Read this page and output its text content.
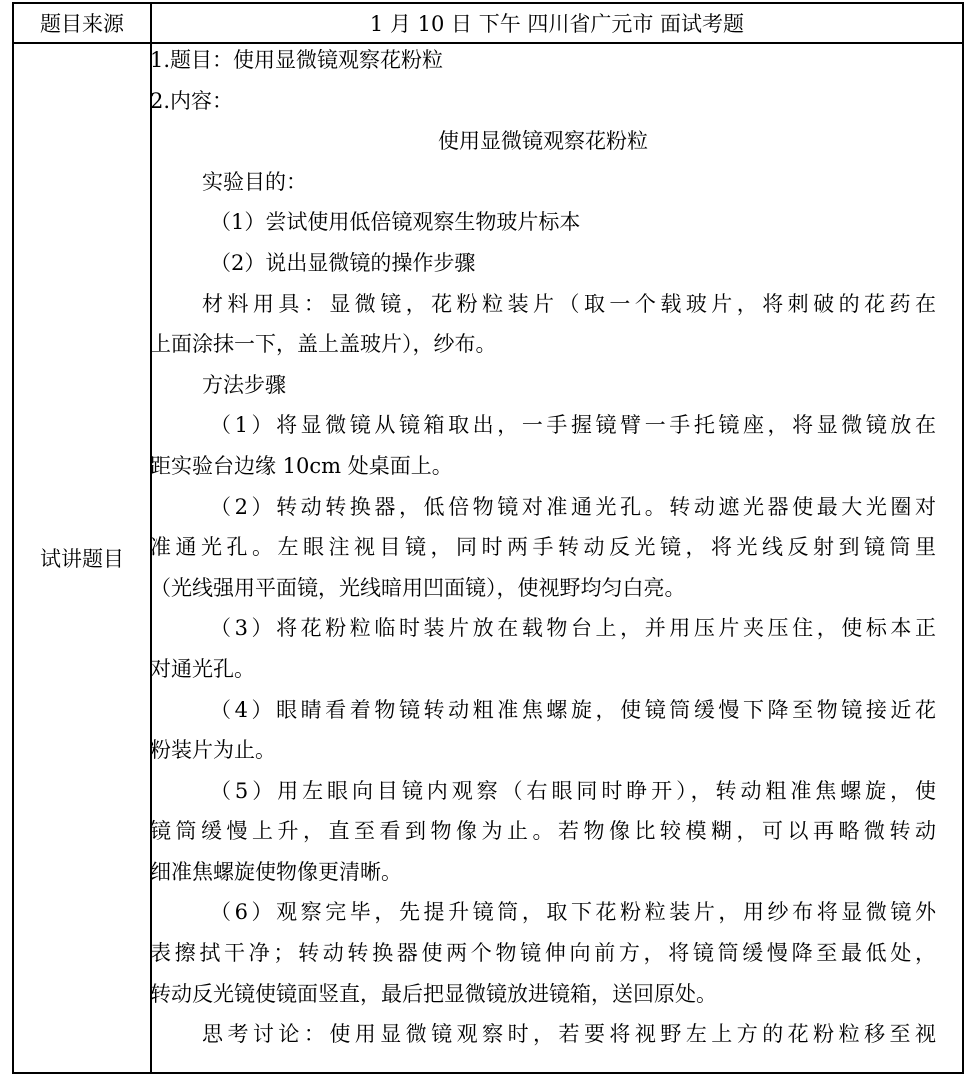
题目来源	1 月 10 日 下午 四川省广元市 面试考题
试讲题目
1.题目：使用显微镜观察花粉粒
2.内容：
使用显微镜观察花粉粒
实验目的：
（1）尝试使用低倍镜观察生物玻片标本
（2）说出显微镜的操作步骤
材料用具：显微镜，花粉粒装片（取一个载玻片，将刺破的花药在
上面涂抹一下，盖上盖玻片），纱布。
方法步骤
（1）将显微镜从镜箱取出，一手握镜臂一手托镜座，将显微镜放在
距实验台边缘 10cm 处桌面上。
（2）转动转换器，低倍物镜对准通光孔。转动遮光器使最大光圈对
准通光孔。左眼注视目镜，同时两手转动反光镜，将光线反射到镜筒里
（光线强用平面镜，光线暗用凹面镜），使视野均匀白亮。
（3）将花粉粒临时装片放在载物台上，并用压片夹压住，使标本正
对通光孔。
（4）眼睛看着物镜转动粗准焦螺旋，使镜筒缓慢下降至物镜接近花
粉装片为止。
（5）用左眼向目镜内观察（右眼同时睁开），转动粗准焦螺旋，使
镜筒缓慢上升，直至看到物像为止。若物像比较模糊，可以再略微转动
细准焦螺旋使物像更清晰。
（6）观察完毕，先提升镜筒，取下花粉粒装片，用纱布将显微镜外
表擦拭干净；转动转换器使两个物镜伸向前方，将镜筒缓慢降至最低处，
转动反光镜使镜面竖直，最后把显微镜放进镜箱，送回原处。
思考讨论：使用显微镜观察时，若要将视野左上方的花粉粒移至视
